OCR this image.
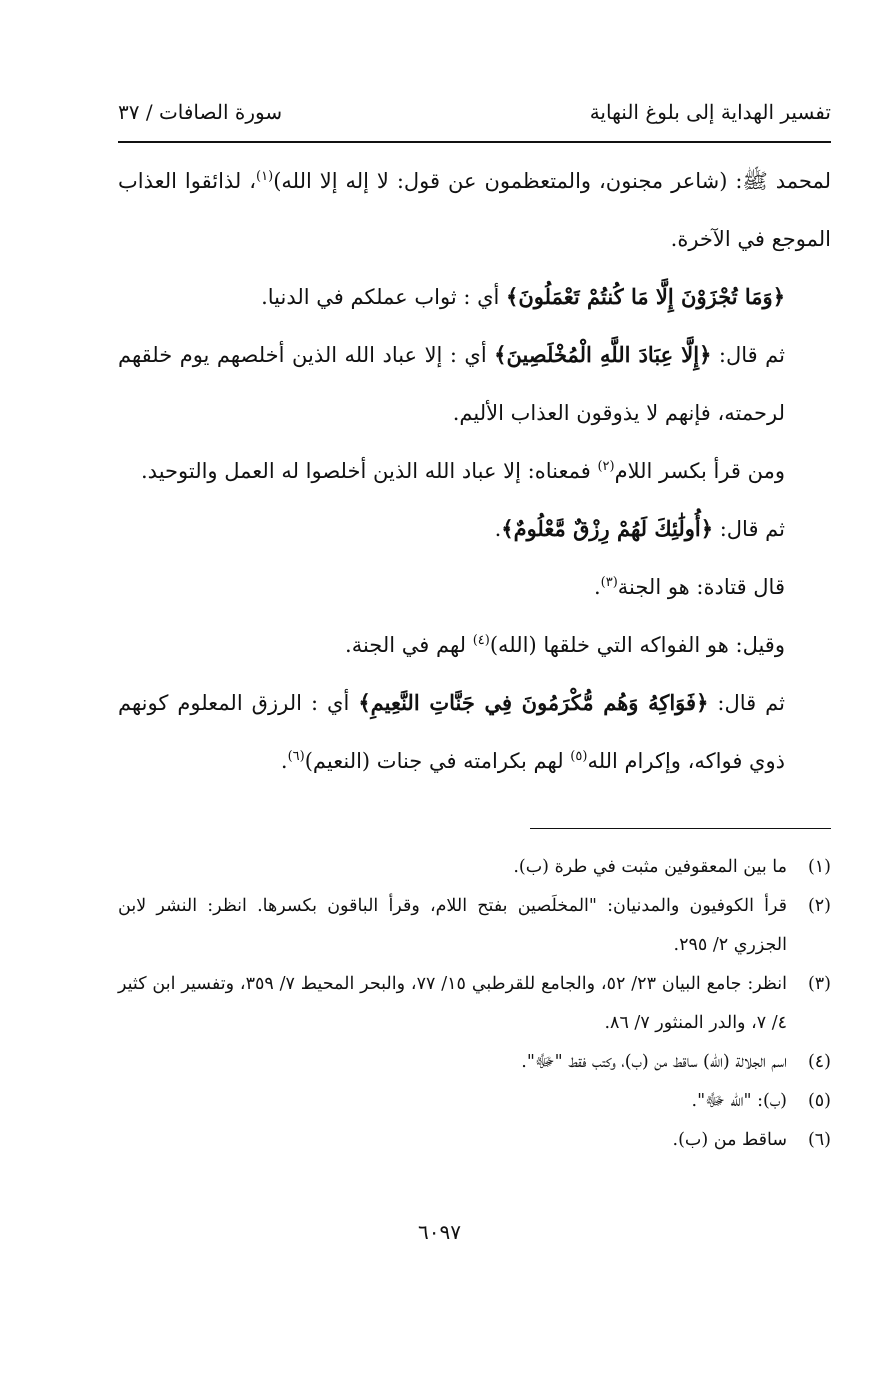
تفسير الهداية إلى بلوغ النهاية
سورة الصافات / ٣٧

لمحمد ﷺ: (شاعر مجنون، والمتعظمون عن قول: لا إله إلا الله)$^{(١)}$، لذائقوا العذاب الموجع في الآخرة.

﴿وَمَا تُجْزَوْنَ إِلَّا مَا كُنتُمْ تَعْمَلُونَ﴾ أي : ثواب عملكم في الدنيا.

ثم قال: ﴿إِلَّا عِبَادَ اللَّهِ الْمُخْلَصِينَ﴾ أي : إلا عباد الله الذين أخلصهم يوم خلقهم لرحمته، فإنهم لا يذوقون العذاب الأليم.

ومن قرأ بكسر اللام$^{(٢)}$ فمعناه: إلا عباد الله الذين أخلصوا له العمل والتوحيد.

ثم قال: ﴿أُولَٰئِكَ لَهُمْ رِزْقٌ مَّعْلُومٌ﴾.

قال قتادة: هو الجنة$^{(٣)}$.

وقيل: هو الفواكه التي خلقها (الله)$^{(٤)}$ لهم في الجنة.

ثم قال: ﴿فَوَاكِهُ وَهُم مُّكْرَمُونَ فِي جَنَّاتِ النَّعِيمِ﴾ أي : الرزق المعلوم كونهم ذوي فواكه، وإكرام الله$^{(٥)}$ لهم بكرامته في جنات (النعيم)$^{(٦)}$.

(١)
ما بين المعقوفين مثبت في طرة (ب).
(٢)
قرأ الكوفيون والمدنيان: "المخلَصين بفتح اللام، وقرأ الباقون بكسرها. انظر: النشر لابن الجزري ٢/ ٢٩٥.
(٣)
انظر: جامع البيان ٢٣/ ٥٢، والجامع للقرطبي ١٥/ ٧٧، والبحر المحيط ٧/ ٣٥٩، وتفسير ابن كثير ٤/ ٧، والدر المنثور ٧/ ٨٦.
(٤)
اسم الجلالة (الله) ساقط من (ب)، وكتب فقط "ﷻ".
(٥)
(ب): "الله ﷻ".
(٦)
ساقط من (ب).
٦٠٩٧
